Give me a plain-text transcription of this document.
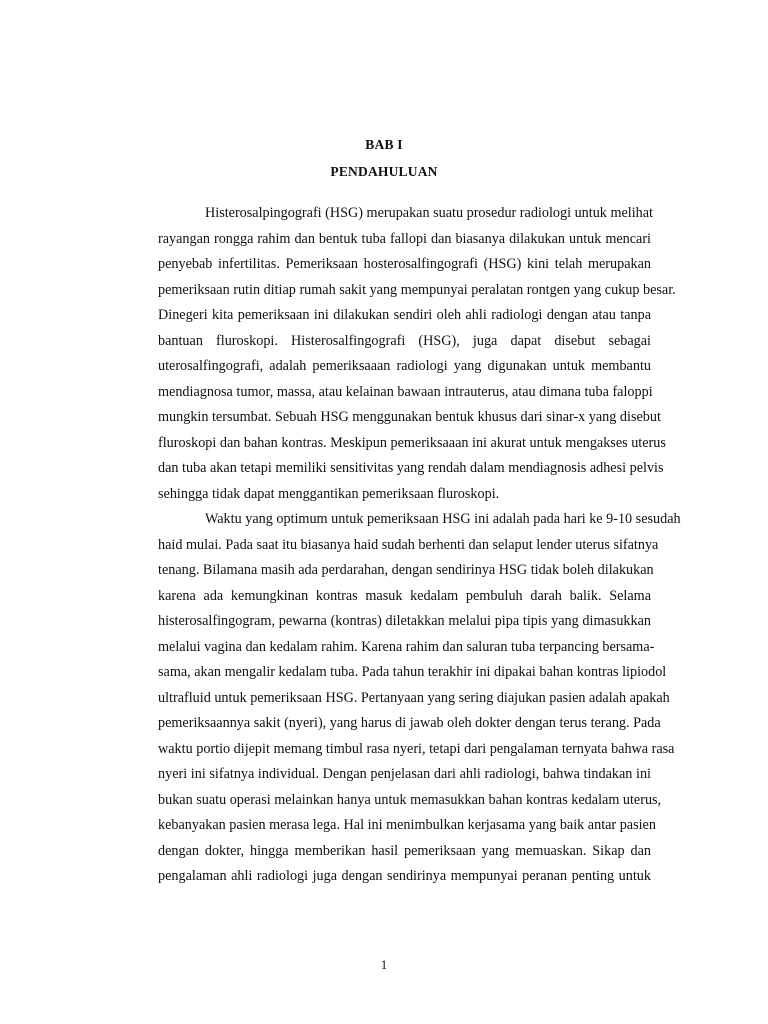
BAB I
PENDAHULUAN
Histerosalpingografi (HSG) merupakan suatu prosedur radiologi untuk melihat
rayangan rongga rahim dan bentuk tuba fallopi dan biasanya dilakukan untuk mencari
penyebab infertilitas. Pemeriksaan hosterosalfingografi (HSG) kini telah merupakan
pemeriksaan rutin ditiap rumah sakit yang mempunyai peralatan rontgen yang cukup besar.
Dinegeri kita pemeriksaan ini dilakukan sendiri oleh ahli radiologi dengan atau tanpa
bantuan fluroskopi. Histerosalfingografi (HSG), juga dapat disebut sebagai
uterosalfingografi, adalah pemeriksaaan radiologi yang digunakan untuk membantu
mendiagnosa tumor, massa, atau kelainan bawaan intrauterus, atau dimana tuba faloppi
mungkin tersumbat. Sebuah HSG menggunakan bentuk khusus dari sinar-x yang disebut
fluroskopi dan bahan kontras. Meskipun pemeriksaaan ini akurat untuk mengakses uterus
dan tuba akan tetapi memiliki sensitivitas yang rendah dalam mendiagnosis adhesi pelvis
sehingga tidak dapat menggantikan pemeriksaan fluroskopi.
Waktu yang optimum untuk pemeriksaan HSG ini adalah pada hari ke 9-10 sesudah
haid mulai. Pada saat itu biasanya haid sudah berhenti dan selaput lender uterus sifatnya
tenang. Bilamana masih ada perdarahan, dengan sendirinya HSG tidak boleh dilakukan
karena ada kemungkinan kontras masuk kedalam pembuluh darah balik. Selama
histerosalfingogram, pewarna (kontras) diletakkan melalui pipa tipis yang dimasukkan
melalui vagina dan kedalam rahim. Karena rahim dan saluran tuba terpancing bersama-
sama, akan mengalir kedalam tuba. Pada tahun terakhir ini dipakai bahan kontras lipiodol
ultrafluid untuk pemeriksaan HSG. Pertanyaan yang sering diajukan pasien adalah apakah
pemeriksaannya sakit (nyeri), yang harus di jawab oleh dokter dengan terus terang. Pada
waktu portio dijepit memang timbul rasa nyeri, tetapi dari pengalaman ternyata bahwa rasa
nyeri ini sifatnya individual. Dengan penjelasan dari ahli radiologi, bahwa tindakan ini
bukan suatu operasi melainkan hanya untuk memasukkan bahan kontras kedalam uterus,
kebanyakan pasien merasa lega. Hal ini menimbulkan kerjasama yang baik antar pasien
dengan dokter, hingga memberikan hasil pemeriksaan yang memuaskan. Sikap dan
pengalaman ahli radiologi juga dengan sendirinya mempunyai peranan penting untuk
1
